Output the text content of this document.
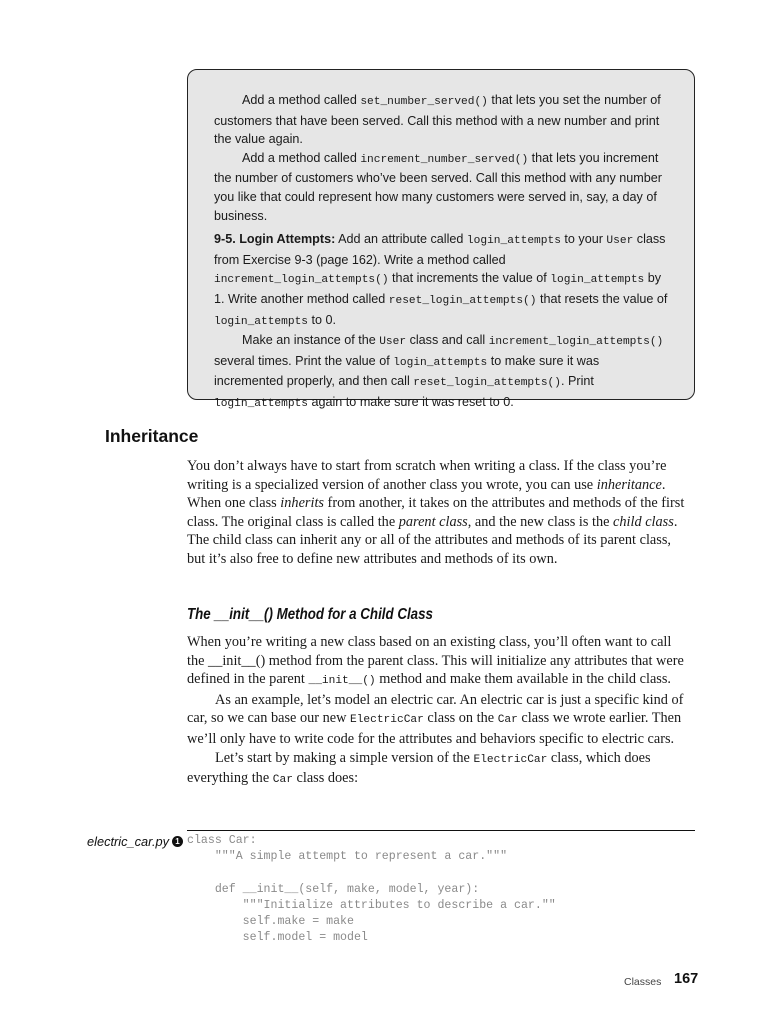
Add a method called set_number_served() that lets you set the number of customers that have been served. Call this method with a new number and print the value again.

Add a method called increment_number_served() that lets you increment the number of customers who’ve been served. Call this method with any number you like that could represent how many customers were served in, say, a day of business.

9-5. Login Attempts: Add an attribute called login_attempts to your User class from Exercise 9-3 (page 162). Write a method called increment_login_attempts() that increments the value of login_attempts by 1. Write another method called reset_login_attempts() that resets the value of login_attempts to 0.

Make an instance of the User class and call increment_login_attempts() several times. Print the value of login_attempts to make sure it was incremented properly, and then call reset_login_attempts(). Print login_attempts again to make sure it was reset to 0.

Inheritance

You don’t always have to start from scratch when writing a class. If the class you’re writing is a specialized version of another class you wrote, you can use inheritance. When one class inherits from another, it takes on the attributes and methods of the first class. The original class is called the parent class, and the new class is the child class. The child class can inherit any or all of the attributes and methods of its parent class, but it’s also free to define new attributes and methods of its own.

The __init__() Method for a Child Class

When you’re writing a new class based on an existing class, you’ll often want to call the __init__() method from the parent class. This will initialize any attributes that were defined in the parent __init__() method and make them available in the child class.

As an example, let’s model an electric car. An electric car is just a specific kind of car, so we can base our new ElectricCar class on the Car class we wrote earlier. Then we’ll only have to write code for the attributes and behaviors specific to electric cars.

Let’s start by making a simple version of the ElectricCar class, which does everything the Car class does:

electric_car.py 1 class Car:
"""A simple attempt to represent a car."""

def __init__(self, make, model, year):
"""Initialize attributes to describe a car.""
self.make = make
self.model = model
Classes 167
